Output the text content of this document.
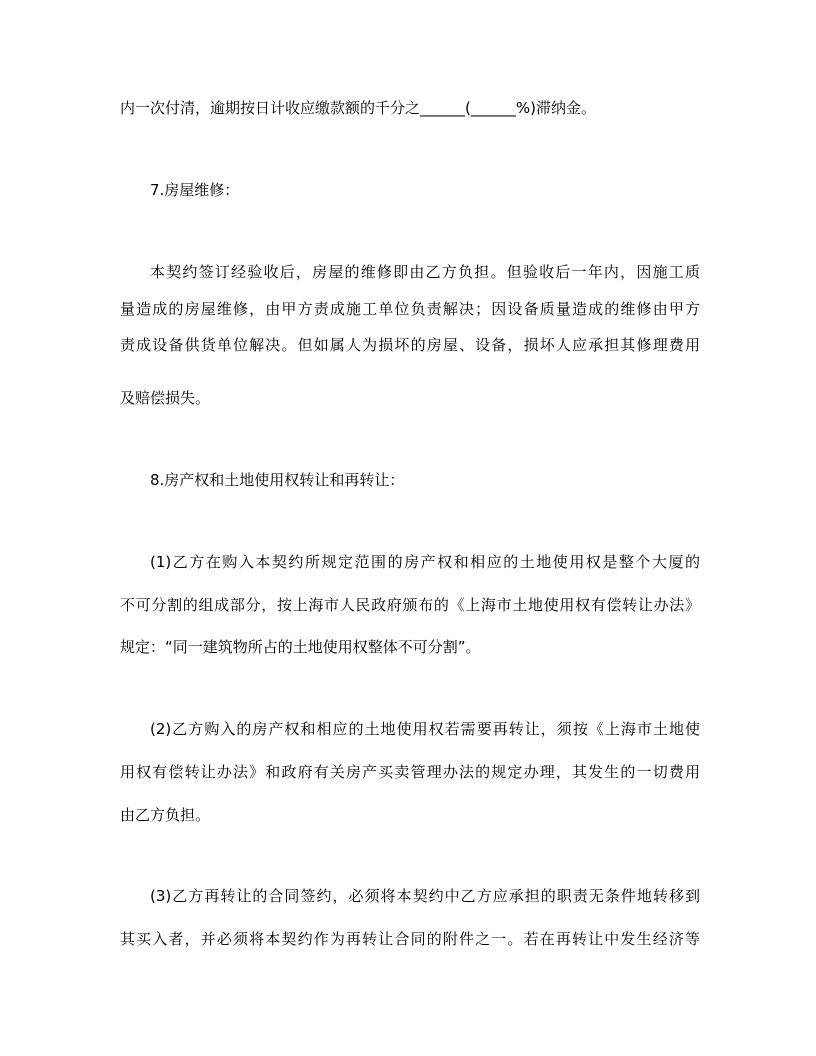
内一次付清，逾期按日计收应缴款额的千分之______(______%)滞纳金。
7.房屋维修：
本契约签订经验收后，房屋的维修即由乙方负担。但验收后一年内，因施工质
量造成的房屋维修，由甲方责成施工单位负责解决；因设备质量造成的维修由甲方
责成设备供货单位解决。但如属人为损坏的房屋、设备，损坏人应承担其修理费用
及赔偿损失。
8.房产权和土地使用权转让和再转让：
(1)乙方在购入本契约所规定范围的房产权和相应的土地使用权是整个大厦的
不可分割的组成部分，按上海市人民政府颁布的《上海市土地使用权有偿转让办法》
规定：“同一建筑物所占的土地使用权整体不可分割”。
(2)乙方购入的房产权和相应的土地使用权若需要再转让，须按《上海市土地使
用权有偿转让办法》和政府有关房产买卖管理办法的规定办理，其发生的一切费用
由乙方负担。
(3)乙方再转让的合同签约，必须将本契约中乙方应承担的职责无条件地转移到
其买入者，并必须将本契约作为再转让合同的附件之一。若在再转让中发生经济等
